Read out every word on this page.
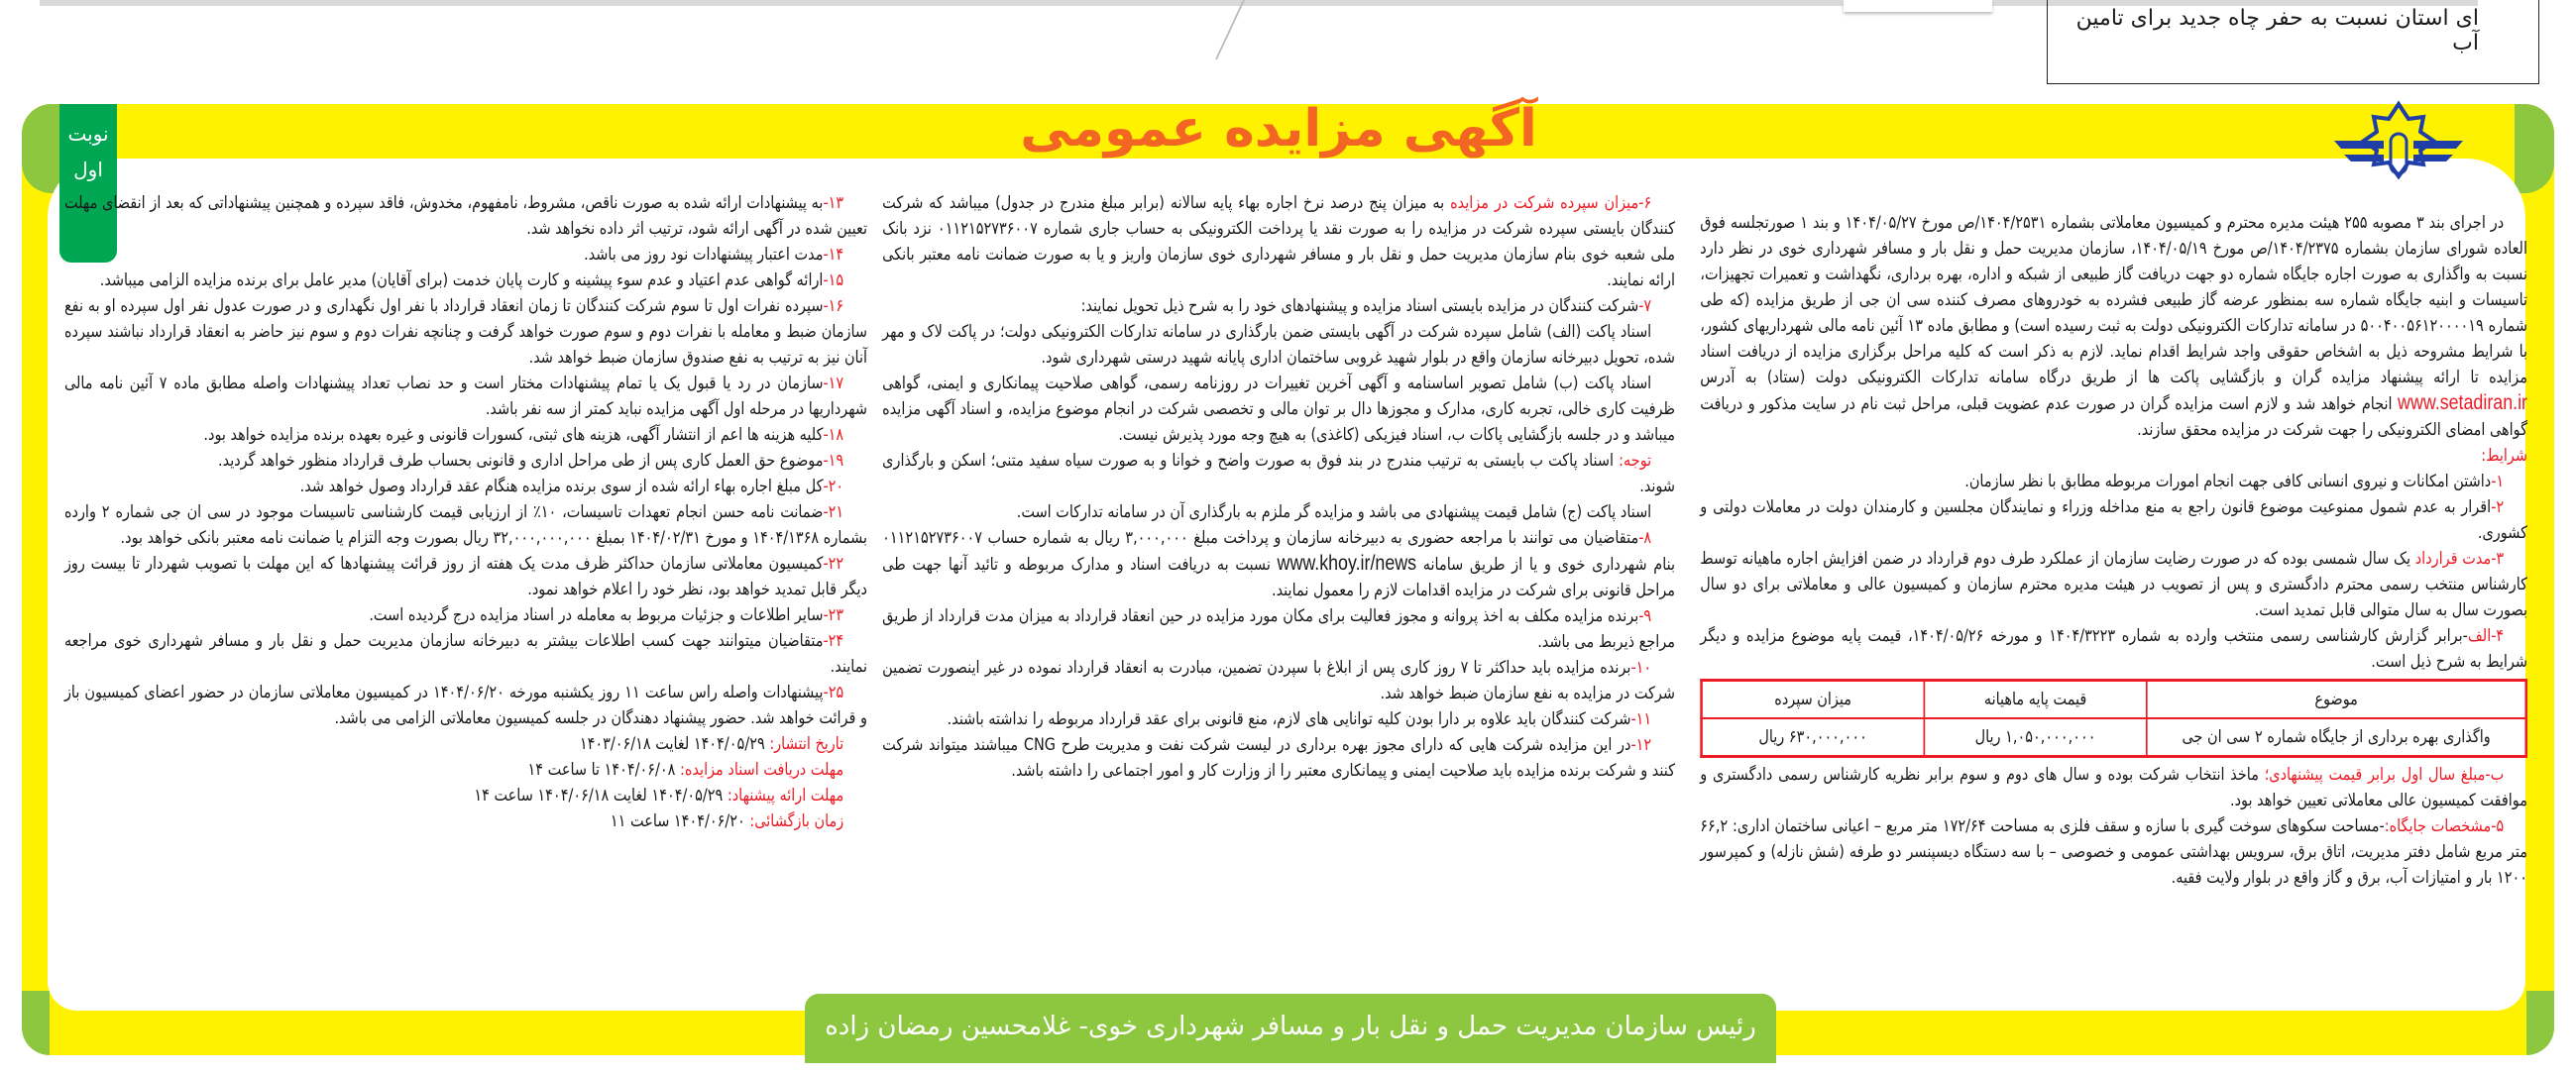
ای استان نسبت به حفر چاه جدید برای تامین آب
نوبت
اول
آگهی مزایده عمومی

در اجرای بند ۳ مصوبه ۲۵۵ هیئت مدیره محترم و کمیسیون معاملاتی بشماره ۱۴۰۴/۲۵۳۱/ص مورخ ۱۴۰۴/۰۵/۲۷ و بند ۱ صورتجلسه فوق العاده شورای سازمان بشماره ۱۴۰۴/۲۳۷۵/ص مورخ ۱۴۰۴/۰۵/۱۹، سازمان مدیریت حمل و نقل بار و مسافر شهرداری خوی در نظر دارد نسبت به واگذاری به صورت اجاره جایگاه شماره دو جهت دریافت گاز طبیعی از شبکه و اداره، بهره برداری، نگهداشت و تعمیرات تجهیزات، تاسیسات و ابنیه جایگاه شماره سه بمنظور عرضه گاز طبیعی فشرده به خودروهای مصرف کننده سی ان جی از طریق مزایده (که طی شماره ۵۰۰۴۰۰۵۶۱۲۰۰۰۰۱۹ در سامانه تدارکات الکترونیکی دولت به ثبت رسیده است) و مطابق ماده ۱۳ آئین نامه مالی شهرداریهای کشور، با شرایط مشروحه ذیل به اشخاص حقوقی واجد شرایط اقدام نماید. لازم به ذکر است که کلیه مراحل برگزاری مزایده از دریافت اسناد مزایده تا ارائه پیشنهاد مزایده گران و بازگشایی پاکت ها از طریق درگاه سامانه تدارکات الکترونیکی دولت (ستاد) به آدرس www.setadiran.ir انجام خواهد شد و لازم است مزایده گران در صورت عدم عضویت قبلی، مراحل ثبت نام در سایت مذکور و دریافت گواهی امضای الکترونیکی را جهت شرکت در مزایده محقق سازند.

شرایط:

۱-داشتن امکانات و نیروی انسانی کافی جهت انجام امورات مربوطه مطابق با نظر سازمان.

۲-اقرار به عدم شمول ممنوعیت موضوع قانون راجع به منع مداخله وزراء و نمایندگان مجلسین و کارمندان دولت در معاملات دولتی و کشوری.

۳-مدت قرارداد یک سال شمسی بوده که در صورت رضایت سازمان از عملکرد طرف دوم قرارداد در ضمن افزایش اجاره ماهیانه توسط کارشناس منتخب رسمی محترم دادگستری و پس از تصویب در هیئت مدیره محترم سازمان و کمیسیون عالی و معاملاتی برای دو سال بصورت سال به سال متوالی قابل تمدید است.

۴-الف-برابر گزارش کارشناسی رسمی منتخب وارده به شماره ۱۴۰۴/۳۲۲۳ و مورخه ۱۴۰۴/۰۵/۲۶، قیمت پایه موضوع مزایده و دیگر شرایط به شرح ذیل است.

موضوع	قیمت پایه ماهیانه	میزان سپرده
واگذاری بهره برداری از جایگاه شماره ۲ سی ان جی	۱,۰۵۰,۰۰۰,۰۰۰ ریال	۶۳۰,۰۰۰,۰۰۰ ریال

ب-مبلغ سال اول برابر قیمت پیشنهادی؛ ماخذ انتخاب شرکت بوده و سال های دوم و سوم برابر نظریه کارشناس رسمی دادگستری و موافقت کمیسیون عالی معاملاتی تعیین خواهد بود.

۵-مشخصات جایگاه:-مساحت سکوهای سوخت گیری با سازه و سقف فلزی به مساحت ۱۷۲/۶۴ متر مربع – اعیانی ساختمان اداری: ۶۶,۲ متر مربع شامل دفتر مدیریت، اتاق برق، سرویس بهداشتی عمومی و خصوصی – با سه دستگاه دیسپنسر دو طرفه (شش نازله) و کمپرسور ۱۲۰۰ بار و امتیازات آب، برق و گاز واقع در بلوار ولایت فقیه.

۶-میزان سپرده شرکت در مزایده به میزان پنج درصد نرخ اجاره بهاء پایه سالانه (برابر مبلغ مندرج در جدول) میباشد که شرکت کنندگان بایستی سپرده شرکت در مزایده را به صورت نقد یا پرداخت الکترونیکی به حساب جاری شماره ۰۱۱۲۱۵۲۷۳۶۰۰۷ نزد بانک ملی شعبه خوی بنام سازمان مدیریت حمل و نقل بار و مسافر شهرداری خوی سازمان واریز و یا به صورت ضمانت نامه معتبر بانکی ارائه نمایند.

۷-شرکت کنندگان در مزایده بایستی اسناد مزایده و پیشنهادهای خود را به شرح ذیل تحویل نمایند:

اسناد پاکت (الف) شامل سپرده شرکت در آگهی بایستی ضمن بارگذاری در سامانه تدارکات الکترونیکی دولت؛ در پاکت لاک و مهر شده، تحویل دبیرخانه سازمان واقع در بلوار شهید غروبی ساختمان اداری پایانه شهید درستی شهرداری شود.

اسناد پاکت (ب) شامل تصویر اساسنامه و آگهی آخرین تغییرات در روزنامه رسمی، گواهی صلاحیت پیمانکاری و ایمنی، گواهی ظرفیت کاری خالی، تجربه کاری، مدارک و مجوزها دال بر توان مالی و تخصصی شرکت در انجام موضوع مزایده، و اسناد آگهی مزایده میباشد و در جلسه بازگشایی پاکات ب، اسناد فیزیکی (کاغذی) به هیچ وجه مورد پذیرش نیست.

توجه: اسناد پاکت ب بایستی به ترتیب مندرج در بند فوق به صورت واضح و خوانا و به صورت سیاه سفید متنی؛ اسکن و بارگذاری شوند.

اسناد پاکت (ج) شامل قیمت پیشنهادی می باشد و مزایده گر ملزم به بارگذاری آن در سامانه تدارکات است.

۸-متقاضیان می توانند با مراجعه حضوری به دبیرخانه سازمان و پرداخت مبلغ ۳,۰۰۰,۰۰۰ ریال به شماره حساب ۰۱۱۲۱۵۲۷۳۶۰۰۷ بنام شهرداری خوی و یا از طریق سامانه www.khoy.ir/news نسبت به دریافت اسناد و مدارک مربوطه و تائید آنها جهت طی مراحل قانونی برای شرکت در مزایده اقدامات لازم را معمول نمایند.

۹-برنده مزایده مکلف به اخذ پروانه و مجوز فعالیت برای مکان مورد مزایده در حین انعقاد قرارداد به میزان مدت قرارداد از طریق مراجع ذیربط می باشد.

۱۰-برنده مزایده باید حداکثر تا ۷ روز کاری پس از ابلاغ با سپردن تضمین، مبادرت به انعقاد قرارداد نموده در غیر اینصورت تضمین شرکت در مزایده به نفع سازمان ضبط خواهد شد.

۱۱-شرکت کنندگان باید علاوه بر دارا بودن کلیه توانایی های لازم، منع قانونی برای عقد قرارداد مربوطه را نداشته باشند.

۱۲-در این مزایده شرکت هایی که دارای مجوز بهره برداری در لیست شرکت نفت و مدیریت طرح CNG میباشند میتواند شرکت کنند و شرکت برنده مزایده باید صلاحیت ایمنی و پیمانکاری معتبر را از وزارت کار و امور اجتماعی را داشته باشد.

۱۳-به پیشنهادات ارائه شده به صورت ناقص، مشروط، نامفهوم، مخدوش، فاقد سپرده و همچنین پیشنهاداتی که بعد از انقضای مهلت تعیین شده در آگهی ارائه شود، ترتیب اثر داده نخواهد شد.

۱۴-مدت اعتبار پیشنهادات نود روز می باشد.

۱۵-ارائه گواهی عدم اعتیاد و عدم سوء پیشینه و کارت پایان خدمت (برای آقایان) مدیر عامل برای برنده مزایده الزامی میباشد.

۱۶-سپرده نفرات اول تا سوم شرکت کنندگان تا زمان انعقاد قرارداد با نفر اول نگهداری و در صورت عدول نفر اول سپرده او به نفع سازمان ضبط و معامله با نفرات دوم و سوم صورت خواهد گرفت و چنانچه نفرات دوم و سوم نیز حاضر به انعقاد قرارداد نباشند سپرده آنان نیز به ترتیب به نفع صندوق سازمان ضبط خواهد شد.

۱۷-سازمان در رد یا قبول یک یا تمام پیشنهادات مختار است و حد نصاب تعداد پیشنهادات واصله مطابق ماده ۷ آئین نامه مالی شهرداریها در مرحله اول آگهی مزایده نباید کمتر از سه نفر باشد.

۱۸-کلیه هزینه ها اعم از انتشار آگهی، هزینه های ثبتی، کسورات قانونی و غیره بعهده برنده مزایده خواهد بود.

۱۹-موضوع حق العمل کاری پس از طی مراحل اداری و قانونی بحساب طرف قرارداد منظور خواهد گردید.

۲۰-کل مبلغ اجاره بهاء ارائه شده از سوی برنده مزایده هنگام عقد قرارداد وصول خواهد شد.

۲۱-ضمانت نامه حسن انجام تعهدات تاسیسات، ۱۰٪ از ارزیابی قیمت کارشناسی تاسیسات موجود در سی ان جی شماره ۲ وارده بشماره ۱۴۰۴/۱۳۶۸ و مورخ ۱۴۰۴/۰۲/۳۱ بمبلغ ۳۲,۰۰۰,۰۰۰,۰۰۰ ریال بصورت وجه التزام یا ضمانت نامه معتبر بانکی خواهد بود.

۲۲-کمیسیون معاملاتی سازمان حداکثر ظرف مدت یک هفته از روز قرائت پیشنهادها که این مهلت با تصویب شهردار تا بیست روز دیگر قابل تمدید خواهد بود، نظر خود را اعلام خواهد نمود.

۲۳-سایر اطلاعات و جزئیات مربوط به معامله در اسناد مزایده درج گردیده است.

۲۴-متقاضیان میتوانند جهت کسب اطلاعات بیشتر به دبیرخانه سازمان مدیریت حمل و نقل بار و مسافر شهرداری خوی مراجعه نمایند.

۲۵-پیشنهادات واصله راس ساعت ۱۱ روز یکشنبه مورخه ۱۴۰۴/۰۶/۲۰ در کمیسیون معاملاتی سازمان در حضور اعضای کمیسیون باز و قرائت خواهد شد. حضور پیشنهاد دهندگان در جلسه کمیسیون معاملاتی الزامی می باشد.

تاریخ انتشار: ۱۴۰۴/۰۵/۲۹ لغایت ۱۴۰۳/۰۶/۱۸

مهلت دریافت اسناد مزایده: ۱۴۰۴/۰۶/۰۸ تا ساعت ۱۴

مهلت ارائه پیشنهاد: ۱۴۰۴/۰۵/۲۹ لغایت ۱۴۰۴/۰۶/۱۸ ساعت ۱۴

زمان بازگشائی: ۱۴۰۴/۰۶/۲۰ ساعت ۱۱

رئیس سازمان مدیریت حمل و نقل بار و مسافر شهرداری خوی- غلامحسین رمضان زاده
